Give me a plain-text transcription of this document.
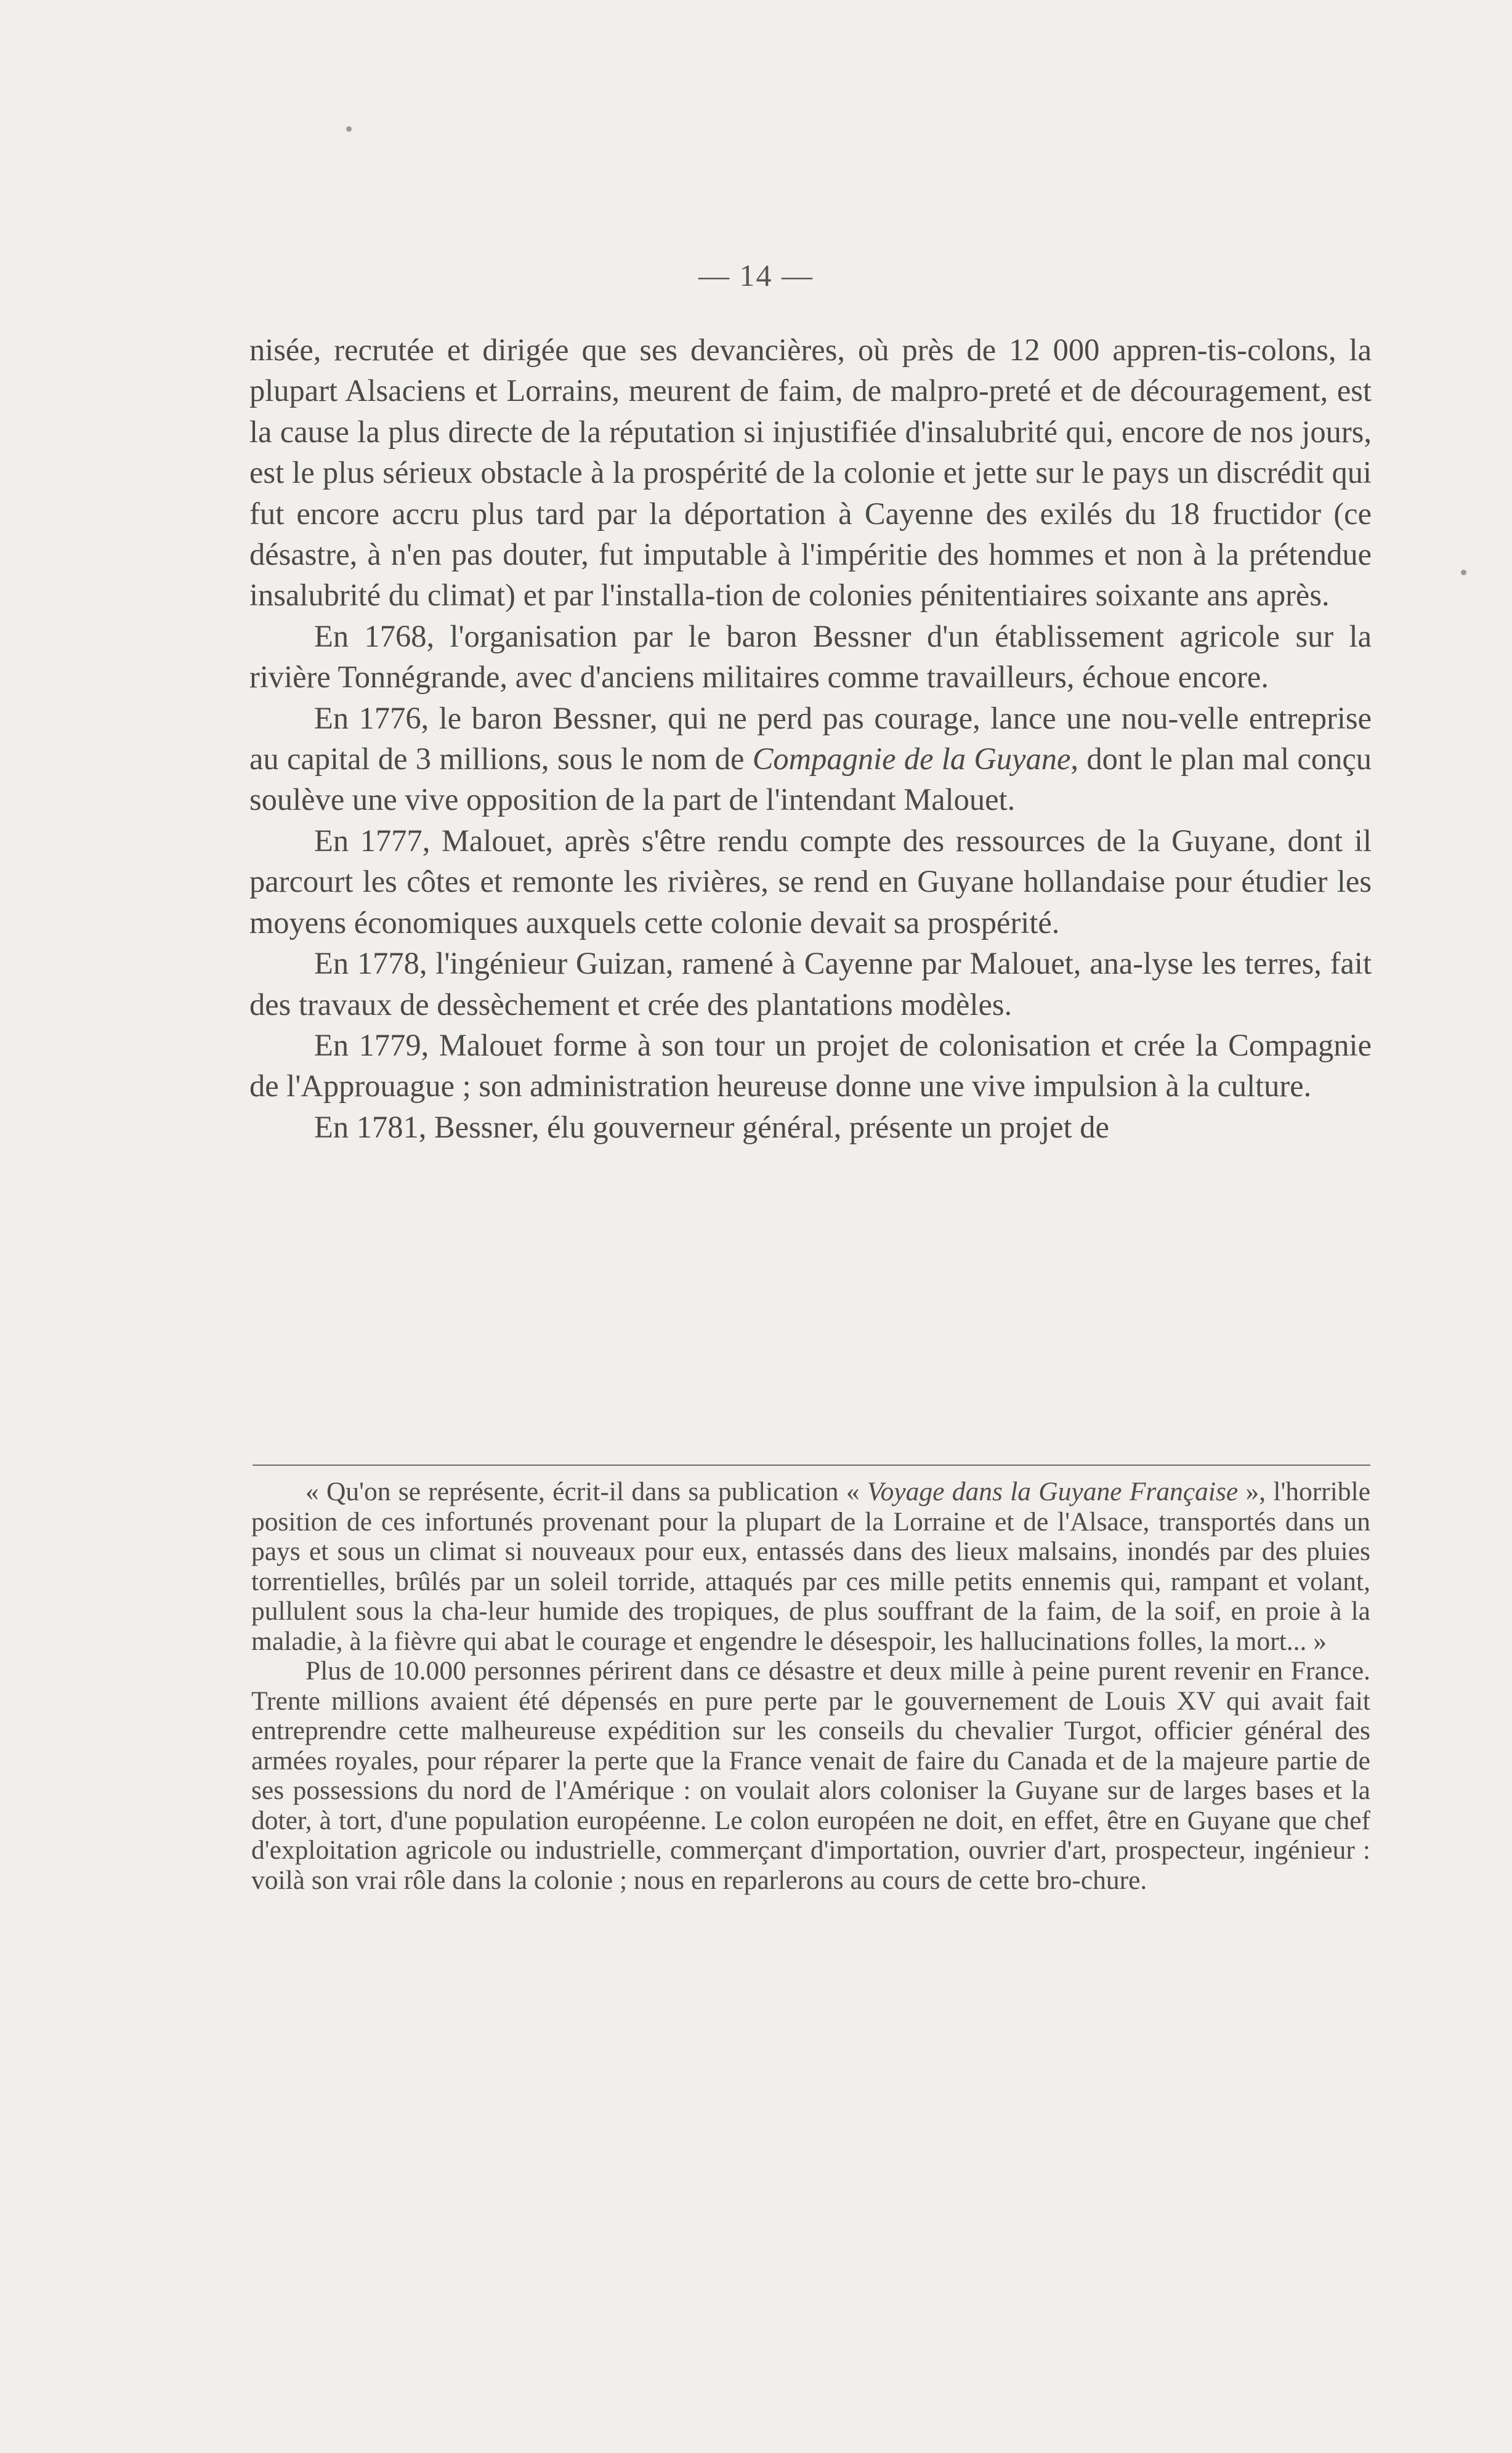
— 14 —

nisée, recrutée et dirigée que ses devancières, où près de 12 000 appren-tis-colons, la plupart Alsaciens et Lorrains, meurent de faim, de malpro-preté et de découragement, est la cause la plus directe de la réputation si injustifiée d'insalubrité qui, encore de nos jours, est le plus sérieux obstacle à la prospérité de la colonie et jette sur le pays un discrédit qui fut encore accru plus tard par la déportation à Cayenne des exilés du 18 fructidor (ce désastre, à n'en pas douter, fut imputable à l'impéritie des hommes et non à la prétendue insalubrité du climat) et par l'installa-tion de colonies pénitentiaires soixante ans après.

En 1768, l'organisation par le baron Bessner d'un établissement agricole sur la rivière Tonnégrande, avec d'anciens militaires comme travailleurs, échoue encore.

En 1776, le baron Bessner, qui ne perd pas courage, lance une nou-velle entreprise au capital de 3 millions, sous le nom de Compagnie de la Guyane, dont le plan mal conçu soulève une vive opposition de la part de l'intendant Malouet.

En 1777, Malouet, après s'être rendu compte des ressources de la Guyane, dont il parcourt les côtes et remonte les rivières, se rend en Guyane hollandaise pour étudier les moyens économiques auxquels cette colonie devait sa prospérité.

En 1778, l'ingénieur Guizan, ramené à Cayenne par Malouet, ana-lyse les terres, fait des travaux de dessèchement et crée des plantations modèles.

En 1779, Malouet forme à son tour un projet de colonisation et crée la Compagnie de l'Approuague ; son administration heureuse donne une vive impulsion à la culture.

En 1781, Bessner, élu gouverneur général, présente un projet de

« Qu'on se représente, écrit-il dans sa publication « Voyage dans la Guyane Française », l'horrible position de ces infortunés provenant pour la plupart de la Lorraine et de l'Alsace, transportés dans un pays et sous un climat si nouveaux pour eux, entassés dans des lieux malsains, inondés par des pluies torrentielles, brûlés par un soleil torride, attaqués par ces mille petits ennemis qui, rampant et volant, pullulent sous la cha-leur humide des tropiques, de plus souffrant de la faim, de la soif, en proie à la maladie, à la fièvre qui abat le courage et engendre le désespoir, les hallucinations folles, la mort... »

Plus de 10.000 personnes périrent dans ce désastre et deux mille à peine purent revenir en France. Trente millions avaient été dépensés en pure perte par le gouvernement de Louis XV qui avait fait entreprendre cette malheureuse expédition sur les conseils du chevalier Turgot, officier général des armées royales, pour réparer la perte que la France venait de faire du Canada et de la majeure partie de ses possessions du nord de l'Amérique : on voulait alors coloniser la Guyane sur de larges bases et la doter, à tort, d'une population européenne. Le colon européen ne doit, en effet, être en Guyane que chef d'exploitation agricole ou industrielle, commerçant d'importation, ouvrier d'art, prospecteur, ingénieur : voilà son vrai rôle dans la colonie ; nous en reparlerons au cours de cette bro-chure.
